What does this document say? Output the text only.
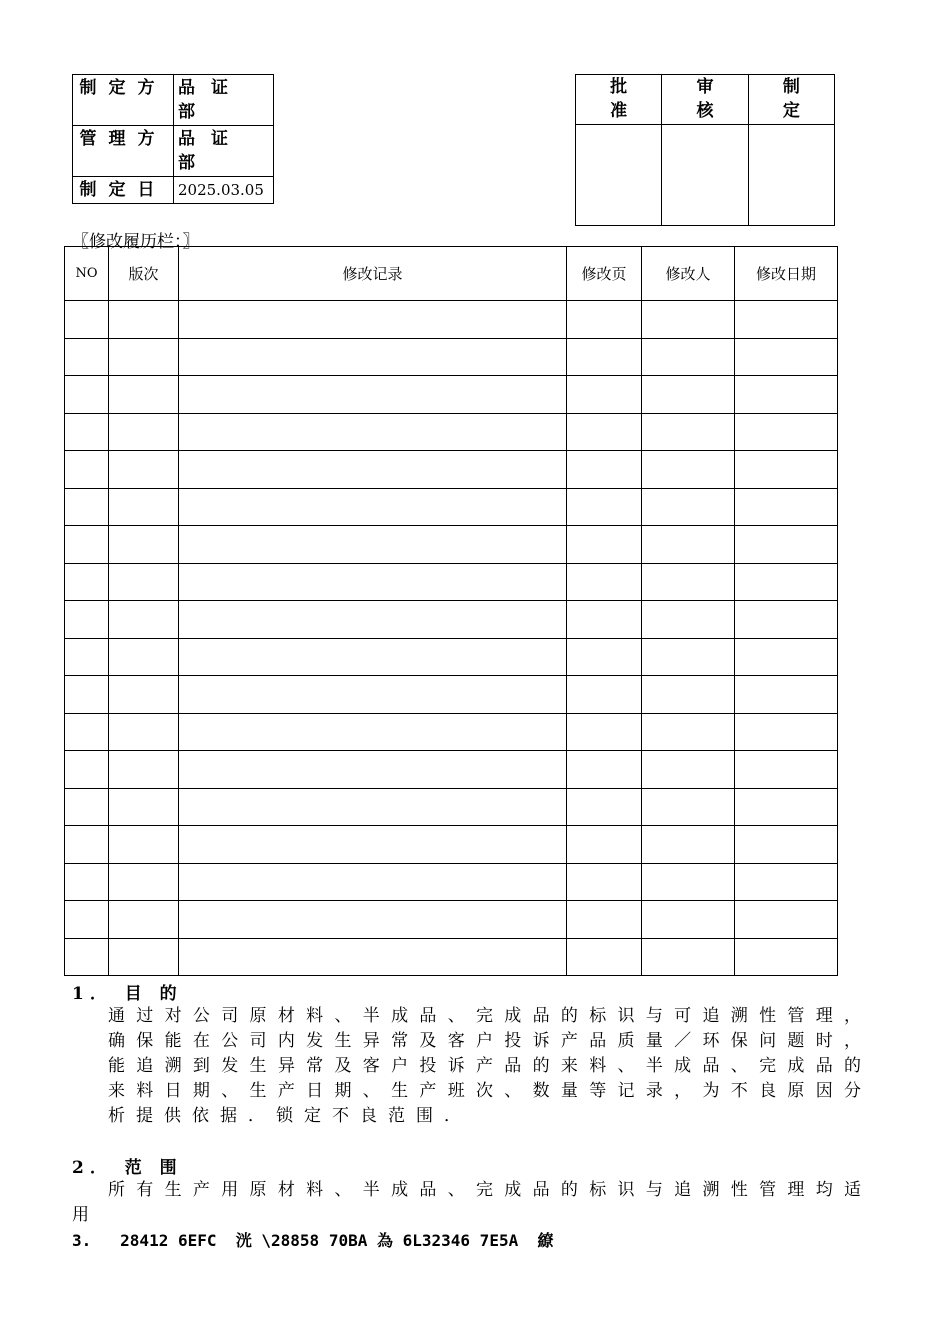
制定方	品证部
管理方	品证部
制定日	2025.03.05
批准	审核	制定

〖修改履历栏：〗
NO	版次	修改记录	修改页	修改人	修改日期

1． 目 的
通过对公司原材料、半成品、完成品的标识与可追溯性管理，确保能在公司内发生异常及客户投诉产品质量／环保问题时，能追溯到发生异常及客户投诉产品的来料、半成品、完成品的来料日期、生产日期、生产班次、数量等记录，为不良原因分析提供依据．锁定不良范围．
2． 范 围
所有生产用原材料、半成品、完成品的标识与追溯性管理均适用
3.   28412 6EFC  洸 \28858 70BA 為 6L32346 7E5A  繚
